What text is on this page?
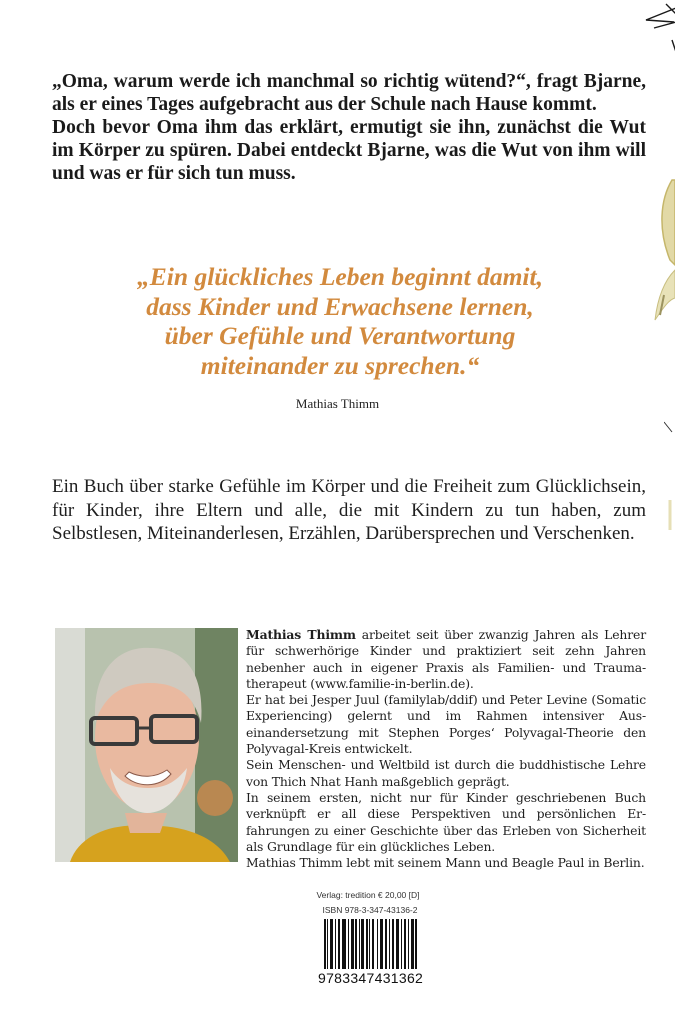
„Oma, warum werde ich manchmal so richtig wütend?“, fragt Bjarne, als er eines Tages aufgebracht aus der Schule nach Hause kommt.

Doch bevor Oma ihm das erklärt, ermutigt sie ihn, zunächst die Wut im Körper zu spüren. Dabei entdeckt Bjarne, was die Wut von ihm will und was er für sich tun muss.

„Ein glückliches Leben beginnt damit,
dass Kinder und Erwachsene lernen,
über Gefühle und Verantwortung
miteinander zu sprechen.“
Mathias Thimm

Ein Buch über starke Gefühle im Körper und die Freiheit zum Glücklichsein, für Kinder, ihre Eltern und alle, die mit Kindern zu tun haben, zum Selbstlesen, Miteinanderlesen, Erzählen, Darübersprechen und Verschenken.

Mathias Thimm arbeitet seit über zwanzig Jahren als Lehrer für schwerhörige Kinder und praktiziert seit zehn Jahren nebenher auch in eigener Praxis als Familien- und Trauma-therapeut (www.familie-in-berlin.de).

Er hat bei Jesper Juul (familylab/ddif) und Peter Levine (Somatic Experiencing) gelernt und im Rahmen intensiver Aus-einandersetzung mit Stephen Porges‘ Polyvagal-Theorie den Polyvagal-Kreis entwickelt.

Sein Menschen- und Weltbild ist durch die buddhistische Lehre von Thich Nhat Hanh maßgeblich geprägt.

In seinem ersten, nicht nur für Kinder geschriebenen Buch verknüpft er all diese Perspektiven und persönlichen Er-fahrungen zu einer Geschichte über das Erleben von Sicherheit als Grundlage für ein glückliches Leben.

Mathias Thimm lebt mit seinem Mann und Beagle Paul in Berlin.

Verlag: tredition € 20,00 [D]
ISBN 978-3-347-43136-2
9783347431362
